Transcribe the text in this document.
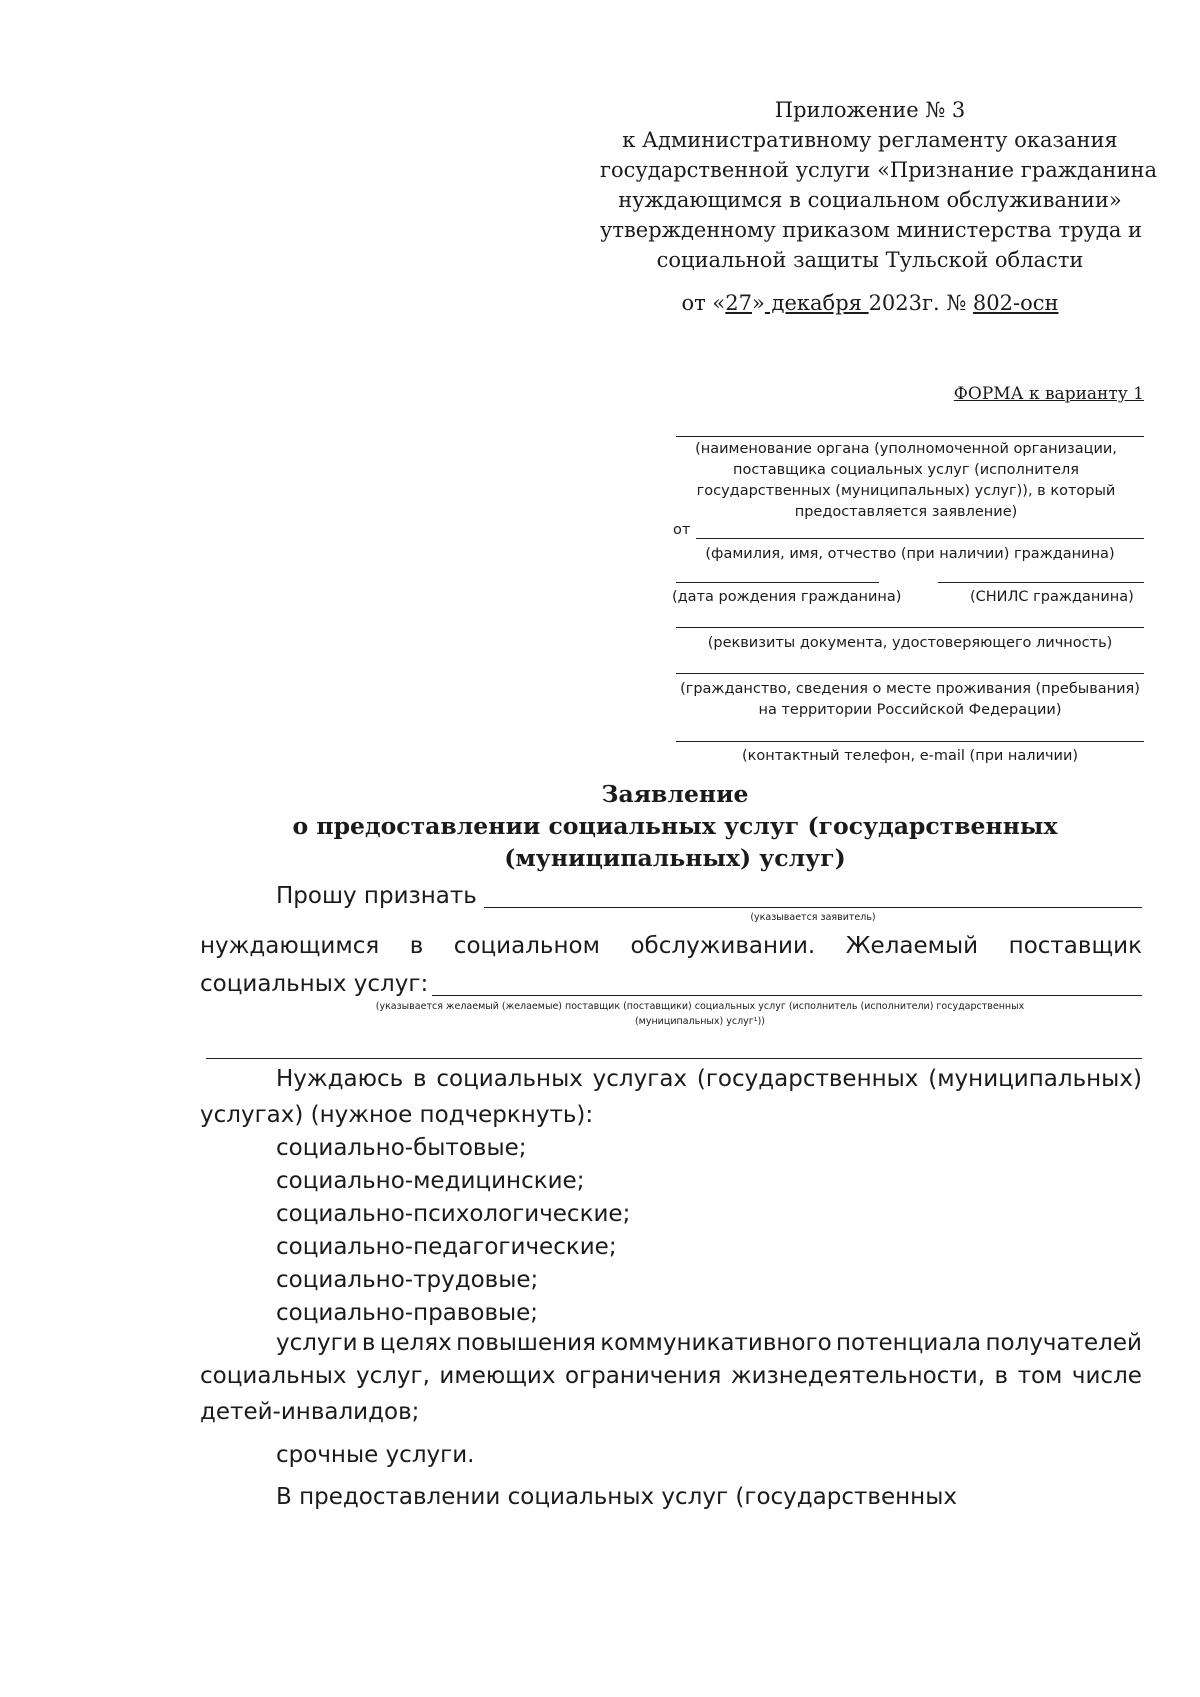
Приложение № 3
к Административному регламенту оказания
государственной услуги «Признание гражданина
нуждающимся в социальном обслуживании»
утвержденному приказом министерства труда и
социальной защиты Тульской области
от «27» декабря 2023г. № 802-осн
ФОРМА к варианту 1
(наименование органа (уполномоченной организации,
поставщика социальных услуг (исполнителя
государственных (муниципальных) услуг)), в который
предоставляется заявление)
от
(фамилия, имя, отчество (при наличии) гражданина)
(дата рождения гражданина)	(СНИЛС гражданина)
(реквизиты документа, удостоверяющего личность)
(гражданство, сведения о месте проживания (пребывания)
на территории Российской Федерации)
(контактный телефон, e-mail (при наличии)
Заявление
о предоставлении социальных услуг (государственных
(муниципальных) услуг)
Прошу признать
(указывается заявитель)
нуждающимся в социальном обслуживании. Желаемый поставщик
социальных услуг:
(указывается желаемый (желаемые) поставщик (поставщики) социальных услуг (исполнитель (исполнители) государственных
(муниципальных) услуг¹))
Нуждаюсь в социальных услугах (государственных (муниципальных)
услугах) (нужное подчеркнуть):
социально-бытовые;
социально-медицинские;
социально-психологические;
социально-педагогические;
социально-трудовые;
социально-правовые;
услуги в целях повышения коммуникативного потенциала получателей
социальных услуг, имеющих ограничения жизнедеятельности, в том числе
детей-инвалидов;
срочные услуги.
В предоставлении социальных услуг (государственных
